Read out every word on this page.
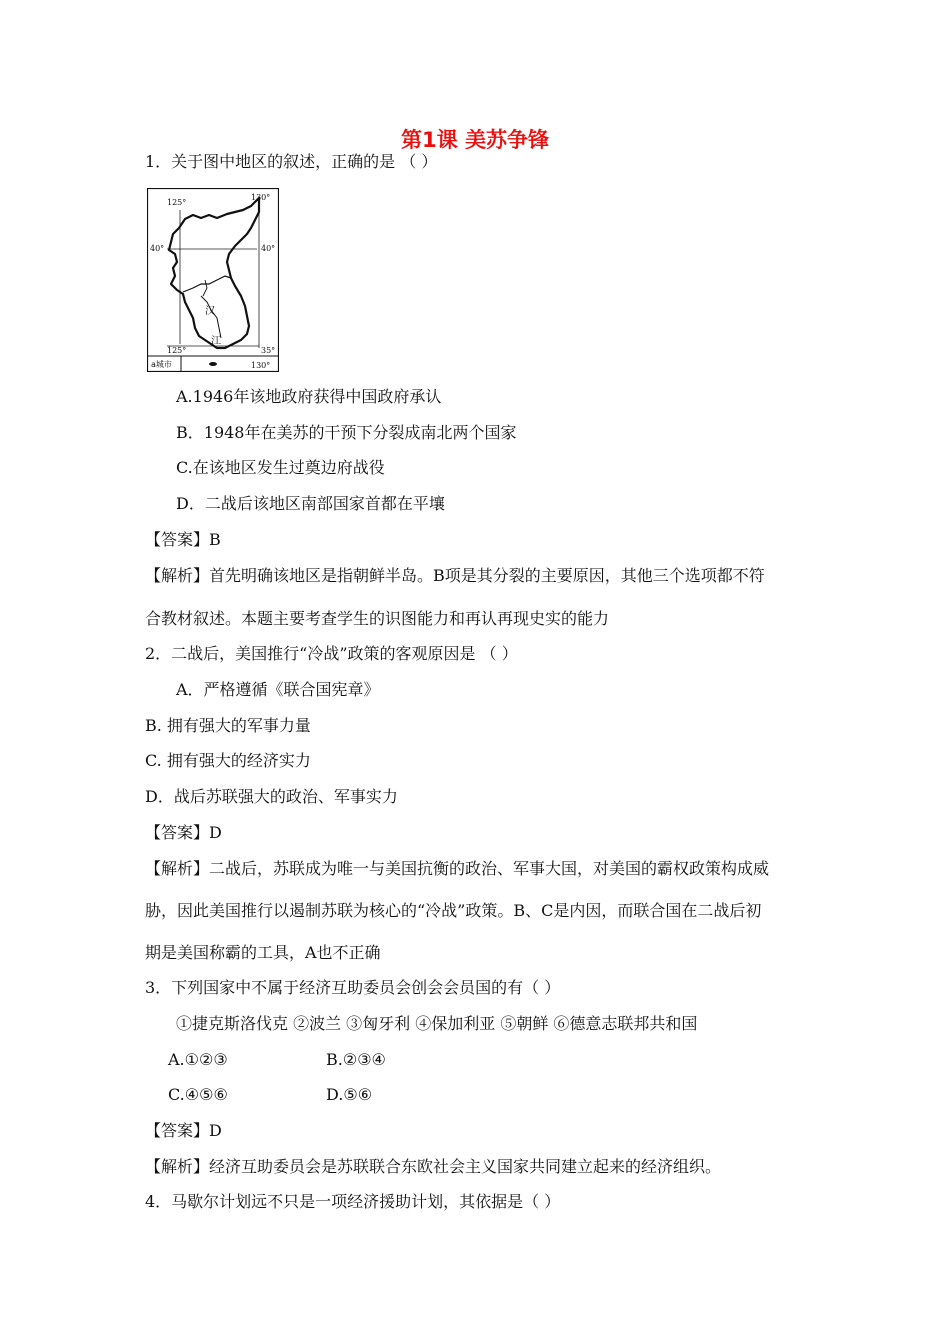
第1课 美苏争锋
1．关于图中地区的叙述，正确的是 （ ）
130°
125°
40°	40°
125°	35°
130°
a城市
汉
江
A.1946年该地政府获得中国政府承认
B．1948年在美苏的干预下分裂成南北两个国家
C.在该地区发生过奠边府战役
D．二战后该地区南部国家首都在平壤
【答案】B
【解析】首先明确该地区是指朝鲜半岛。B项是其分裂的主要原因，其他三个选项都不符
合教材叙述。本题主要考查学生的识图能力和再认再现史实的能力
2．二战后，美国推行“冷战”政策的客观原因是 （ ）
A．严格遵循《联合国宪章》
B. 拥有强大的军事力量
C. 拥有强大的经济实力
D．战后苏联强大的政治、军事实力
【答案】D
【解析】二战后，苏联成为唯一与美国抗衡的政治、军事大国，对美国的霸权政策构成威
胁，因此美国推行以遏制苏联为核心的“冷战”政策。B、C是内因，而联合国在二战后初
期是美国称霸的工具，A也不正确
3．下列国家中不属于经济互助委员会创会会员国的有（ ）
①捷克斯洛伐克 ②波兰 ③匈牙利 ④保加利亚 ⑤朝鲜 ⑥德意志联邦共和国
A.①②③	B.②③④
C.④⑤⑥	D.⑤⑥
【答案】D
【解析】经济互助委员会是苏联联合东欧社会主义国家共同建立起来的经济组织。
4．马歇尔计划远不只是一项经济援助计划，其依据是（ ）
